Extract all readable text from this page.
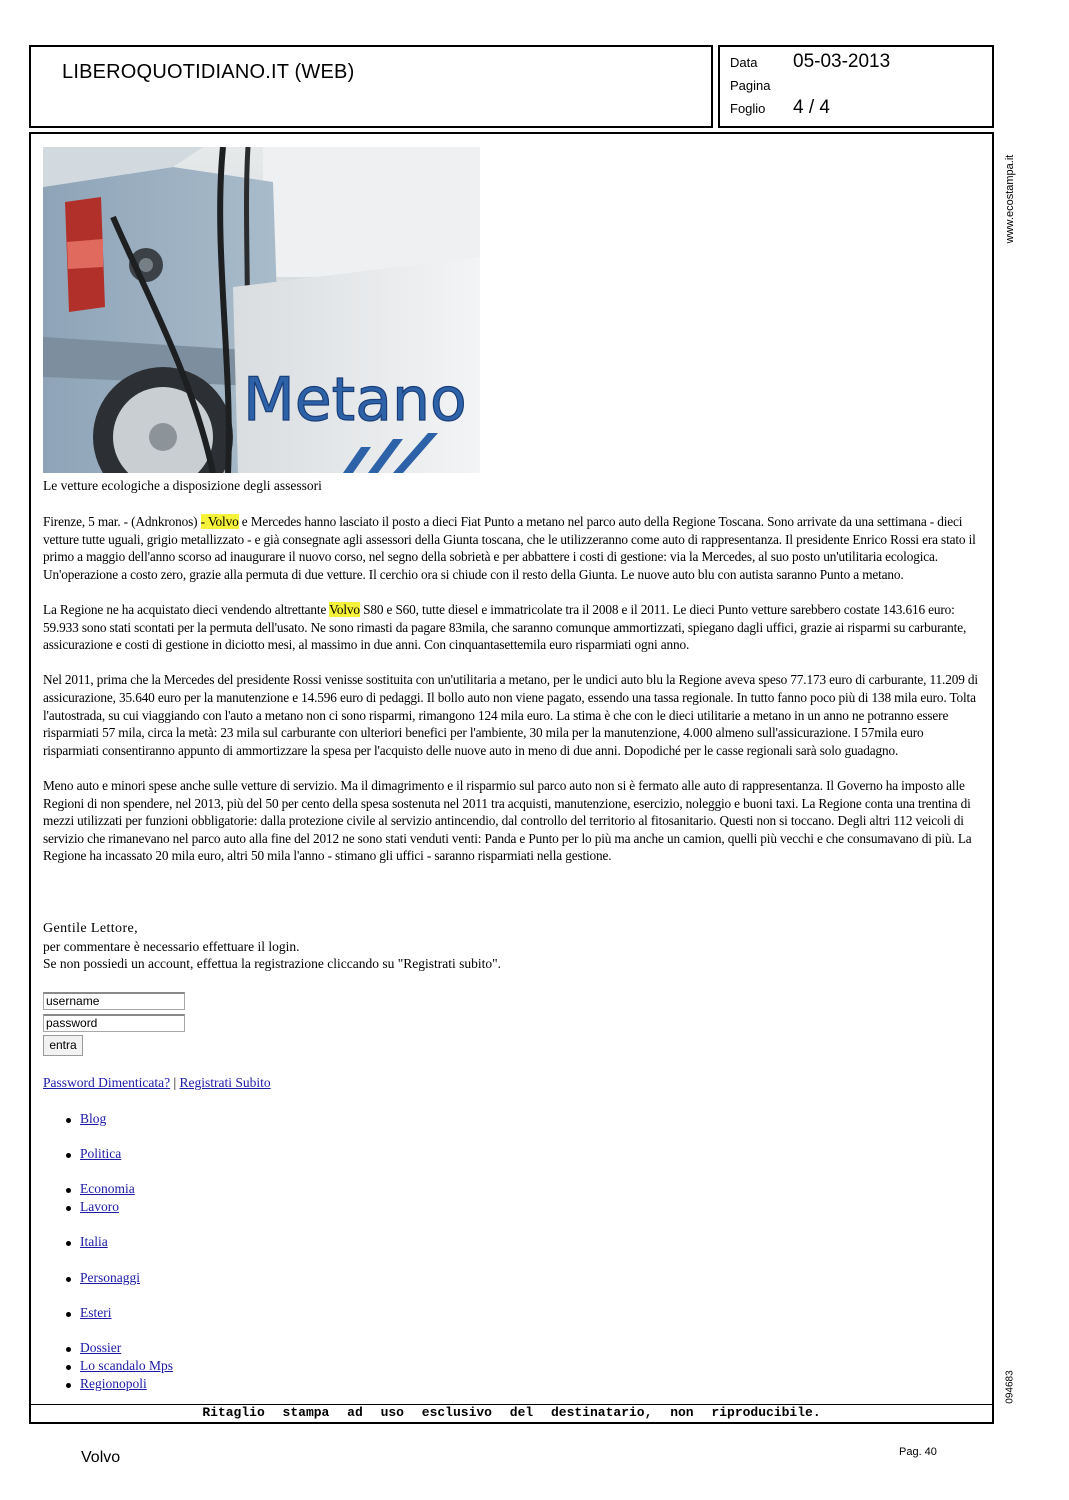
LIBEROQUOTIDIANO.IT (WEB)	Data 05-03-2013
Pagina
Foglio 4 / 4
Ritaglio stampa ad uso esclusivo del destinatario, non riproducibile.
www.ecostampa.it
094683
Metano
Le vetture ecologiche a disposizione degli assessori

Firenze, 5 mar. - (Adnkronos) - Volvo e Mercedes hanno lasciato il posto a dieci Fiat Punto a metano nel parco auto della Regione Toscana. Sono arrivate da una settimana - dieci vetture tutte uguali, grigio metallizzato - e già consegnate agli assessori della Giunta toscana, che le utilizzeranno come auto di rappresentanza. Il presidente Enrico Rossi era stato il primo a maggio dell'anno scorso ad inaugurare il nuovo corso, nel segno della sobrietà e per abbattere i costi di gestione: via la Mercedes, al suo posto un'utilitaria ecologica. Un'operazione a costo zero, grazie alla permuta di due vetture. Il cerchio ora si chiude con il resto della Giunta. Le nuove auto blu con autista saranno Punto a metano.

La Regione ne ha acquistato dieci vendendo altrettante Volvo S80 e S60, tutte diesel e immatricolate tra il 2008 e il 2011. Le dieci Punto vetture sarebbero costate 143.616 euro: 59.933 sono stati scontati per la permuta dell'usato. Ne sono rimasti da pagare 83mila, che saranno comunque ammortizzati, spiegano dagli uffici, grazie ai risparmi su carburante, assicurazione e costi di gestione in diciotto mesi, al massimo in due anni. Con cinquantasettemila euro risparmiati ogni anno.

Nel 2011, prima che la Mercedes del presidente Rossi venisse sostituita con un'utilitaria a metano, per le undici auto blu la Regione aveva speso 77.173 euro di carburante, 11.209 di assicurazione, 35.640 euro per la manutenzione e 14.596 euro di pedaggi. Il bollo auto non viene pagato, essendo una tassa regionale. In tutto fanno poco più di 138 mila euro. Tolta l'autostrada, su cui viaggiando con l'auto a metano non ci sono risparmi, rimangono 124 mila euro. La stima è che con le dieci utilitarie a metano in un anno ne potranno essere risparmiati 57 mila, circa la metà: 23 mila sul carburante con ulteriori benefici per l'ambiente, 30 mila per la manutenzione, 4.000 almeno sull'assicurazione. I 57mila euro risparmiati consentiranno appunto di ammortizzare la spesa per l'acquisto delle nuove auto in meno di due anni. Dopodiché per le casse regionali sarà solo guadagno.

Meno auto e minori spese anche sulle vetture di servizio. Ma il dimagrimento e il risparmio sul parco auto non si è fermato alle auto di rappresentanza. Il Governo ha imposto alle Regioni di non spendere, nel 2013, più del 50 per cento della spesa sostenuta nel 2011 tra acquisti, manutenzione, esercizio, noleggio e buoni taxi. La Regione conta una trentina di mezzi utilizzati per funzioni obbligatorie: dalla protezione civile al servizio antincendio, dal controllo del territorio al fitosanitario. Questi non si toccano. Degli altri 112 veicoli di servizio che rimanevano nel parco auto alla fine del 2012 ne sono stati venduti venti: Panda e Punto per lo più ma anche un camion, quelli più vecchi e che consumavano di più. La Regione ha incassato 20 mila euro, altri 50 mila l'anno - stimano gli uffici - saranno risparmiati nella gestione.

Gentile Lettore,
per commentare è necessario effettuare il login.
Se non possiedi un account, effettua la registrazione cliccando su "Registrati subito".
username
password
entra
Password Dimenticata? | Registrati Subito
Blog
Politica
Economia
Lavoro
Italia
Personaggi
Esteri
Dossier
Lo scandalo Mps
Regionopoli
Volvo	Pag. 40
